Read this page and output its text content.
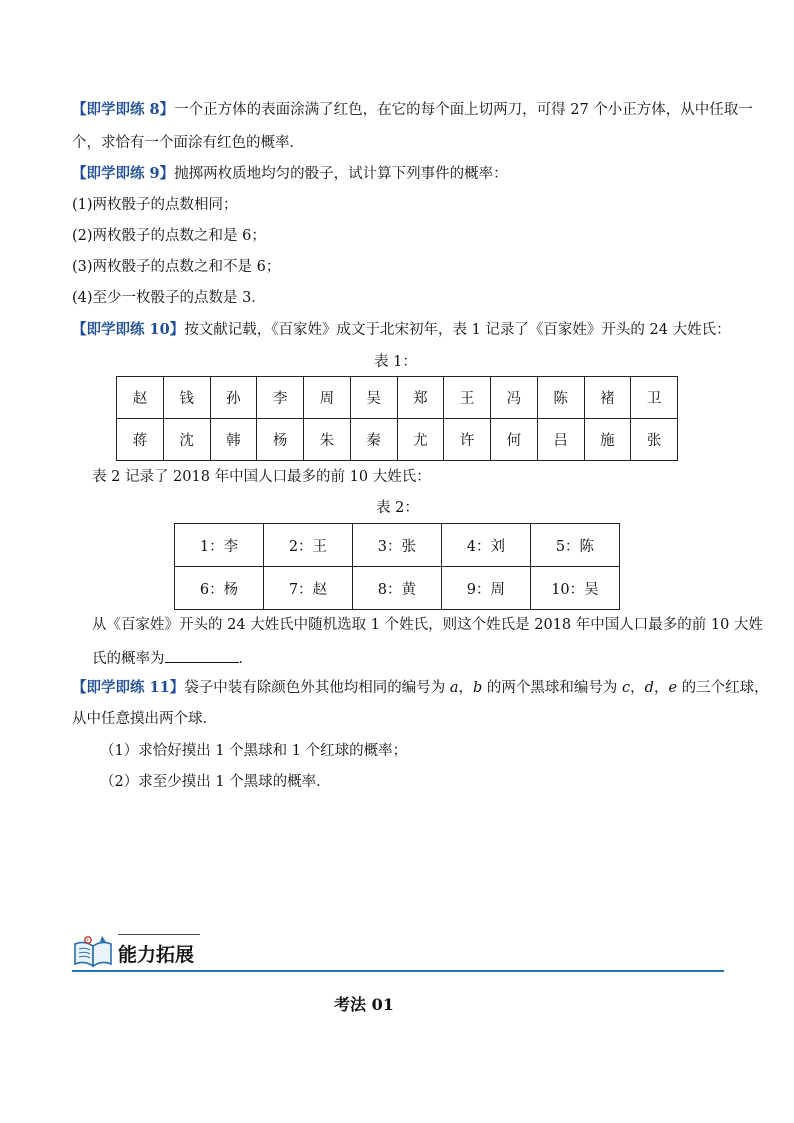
【即学即练 8】一个正方体的表面涂满了红色，在它的每个面上切两刀，可得 27 个小正方体，从中任取一
个，求恰有一个面涂有红色的概率．
【即学即练 9】抛掷两枚质地均匀的骰子，试计算下列事件的概率：
(1)两枚骰子的点数相同；
(2)两枚骰子的点数之和是 6；
(3)两枚骰子的点数之和不是 6；
(4)至少一枚骰子的点数是 3．
【即学即练 10】按文献记载，《百家姓》成文于北宋初年，表 1 记录了《百家姓》开头的 24 大姓氏：
表 1：
赵	钱	孙	李	周	吴	郑	王	冯	陈	褚	卫
蒋	沈	韩	杨	朱	秦	尤	许	何	吕	施	张
表 2 记录了 2018 年中国人口最多的前 10 大姓氏：
表 2：
1：李	2：王	3：张	4：刘	5：陈
6：杨	7：赵	8：黄	9：周	10：吴
从《百家姓》开头的 24 大姓氏中随机选取 1 个姓氏，则这个姓氏是 2018 年中国人口最多的前 10 大姓
氏的概率为	．
【即学即练 11】袋子中装有除颜色外其他均相同的编号为 a，b 的两个黑球和编号为 c，d，e 的三个红球，
从中任意摸出两个球．
（1）求恰好摸出 1 个黑球和 1 个红球的概率；
（2）求至少摸出 1 个黑球的概率．
?
能力拓展
考法 01
